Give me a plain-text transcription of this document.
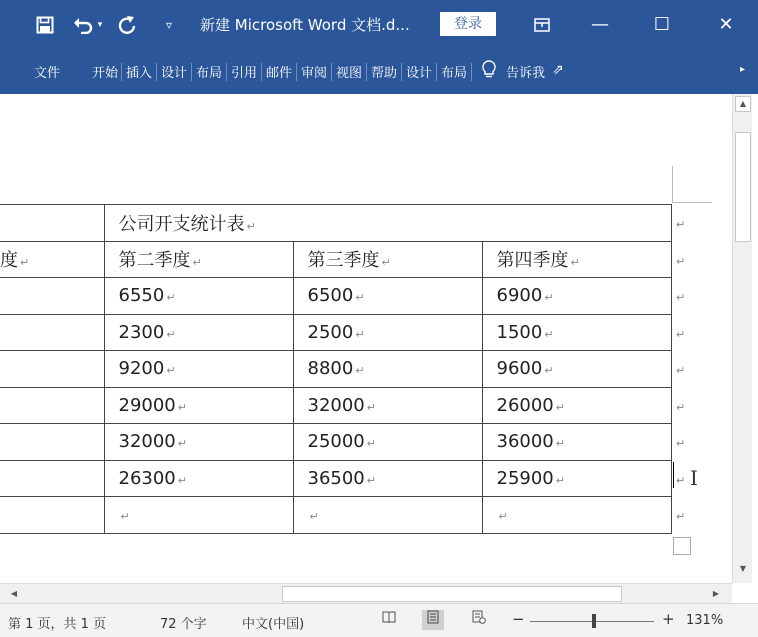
▾	▿	新建 Microsoft Word 文档.d...	登录	—	☐	✕
文件 开始 插入 设计 布局 引用 邮件 审阅 视图 帮助 设计 布局	告诉我 ⇗	▸
	公司开支统计表 ↵		
度 ↵	第二季度 ↵	第三季度 ↵	第四季度 ↵
	6550 ↵	6500 ↵	6900 ↵
	2300 ↵	2500 ↵	1500 ↵
	9200 ↵	8800 ↵	9600 ↵
	29000 ↵	32000 ↵	26000 ↵
	32000 ↵	25000 ↵	36000 ↵
	26300 ↵	36500 ↵	25900 ↵
	↵	↵	↵
↵
↵
↵
↵
↵
↵
↵
↵
↵
I
▲
▼
◀	▶
第 1 页，共 1 页	72 个字	中文(中国)	−	+ 131%
